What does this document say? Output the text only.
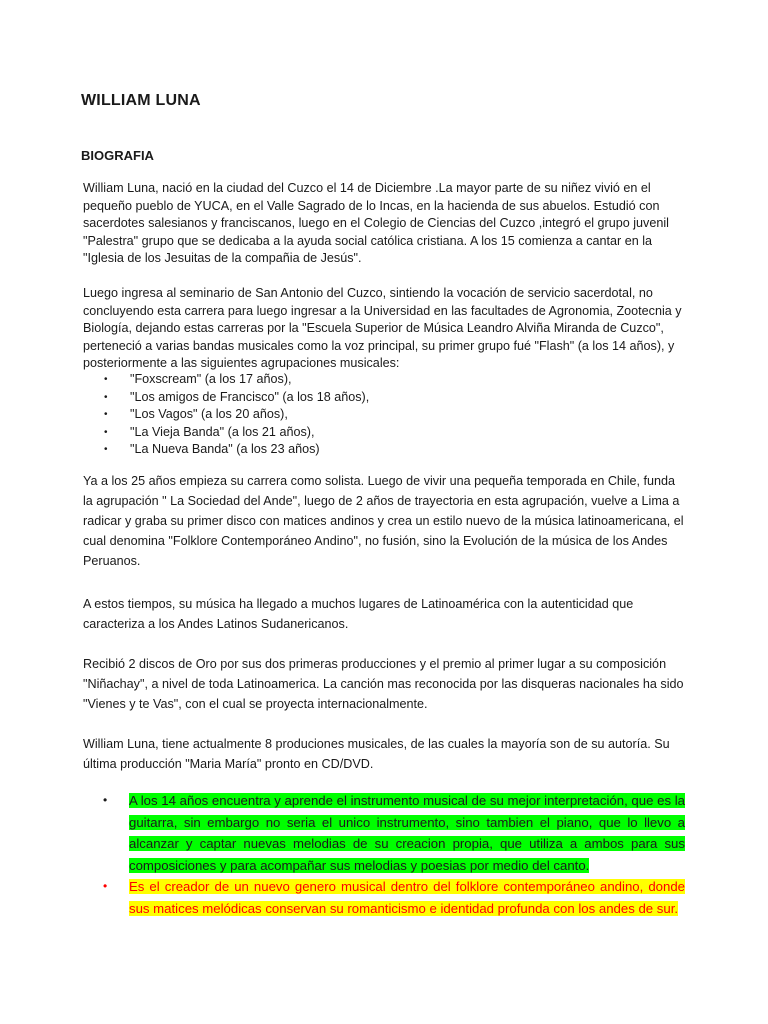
WILLIAM LUNA
BIOGRAFIA

William Luna, nació en la ciudad del Cuzco el 14 de Diciembre .La mayor parte de su niñez vivió en el pequeño pueblo de YUCA, en el Valle Sagrado de lo Incas, en la hacienda de sus abuelos. Estudió con sacerdotes salesianos y franciscanos, luego en el Colegio de Ciencias del Cuzco ,integró el grupo juvenil "Palestra" grupo que se dedicaba a la ayuda social católica cristiana. A los 15 comienza a cantar en la "Iglesia de los Jesuitas de la compañia de Jesús".

Luego ingresa al seminario de San Antonio del Cuzco, sintiendo la vocación de servicio sacerdotal, no concluyendo esta carrera para luego ingresar a la Universidad en las facultades de Agronomia, Zootecnia y Biología, dejando estas carreras por la "Escuela Superior de Música Leandro Alviña Miranda de Cuzco", perteneció a varias bandas musicales como la voz principal, su primer grupo fué "Flash" (a los 14 años), y posteriormente a las siguientes agrupaciones musicales:

• "Foxscream" (a los 17 años),
• "Los amigos de Francisco" (a los 18 años),
• "Los Vagos" (a los 20 años),
• "La Vieja Banda" (a los 21 años),
• "La Nueva Banda" (a los 23 años)

Ya a los 25 años empieza su carrera como solista. Luego de vivir una pequeña temporada en Chile, funda la agrupación " La Sociedad del Ande", luego de 2 años de trayectoria en esta agrupación, vuelve a Lima a radicar y graba su primer disco con matices andinos y crea un estilo nuevo de la música latinoamericana, el cual denomina "Folklore Contemporáneo Andino", no fusión, sino la Evolución de la música de los Andes Peruanos.

A estos tiempos, su música ha llegado a muchos lugares de Latinoamérica con la autenticidad que caracteriza a los Andes Latinos Sudanericanos.

Recibió 2 discos de Oro por sus dos primeras producciones y el premio al primer lugar a su composición "Niñachay", a nivel de toda Latinoamerica. La canción mas reconocida por las disqueras nacionales ha sido "Vienes y te Vas", con el cual se proyecta internacionalmente.

William Luna, tiene actualmente 8 produciones musicales, de las cuales la mayoría son de su autoría. Su última producción "Maria María" pronto en CD/DVD.

• A los 14 años encuentra y aprende el instrumento musical de su mejor interpretación, que es la guitarra, sin embargo no seria el unico instrumento, sino tambien el piano, que lo llevo a alcanzar y captar nuevas melodias de su creacion propia, que utiliza a ambos para sus composiciones y para acompañar sus melodias y poesias por medio del canto.
• Es el creador de un nuevo genero musical dentro del folklore contemporáneo andino, donde sus matices melódicas conservan su romanticismo e identidad profunda con los andes de sur.
